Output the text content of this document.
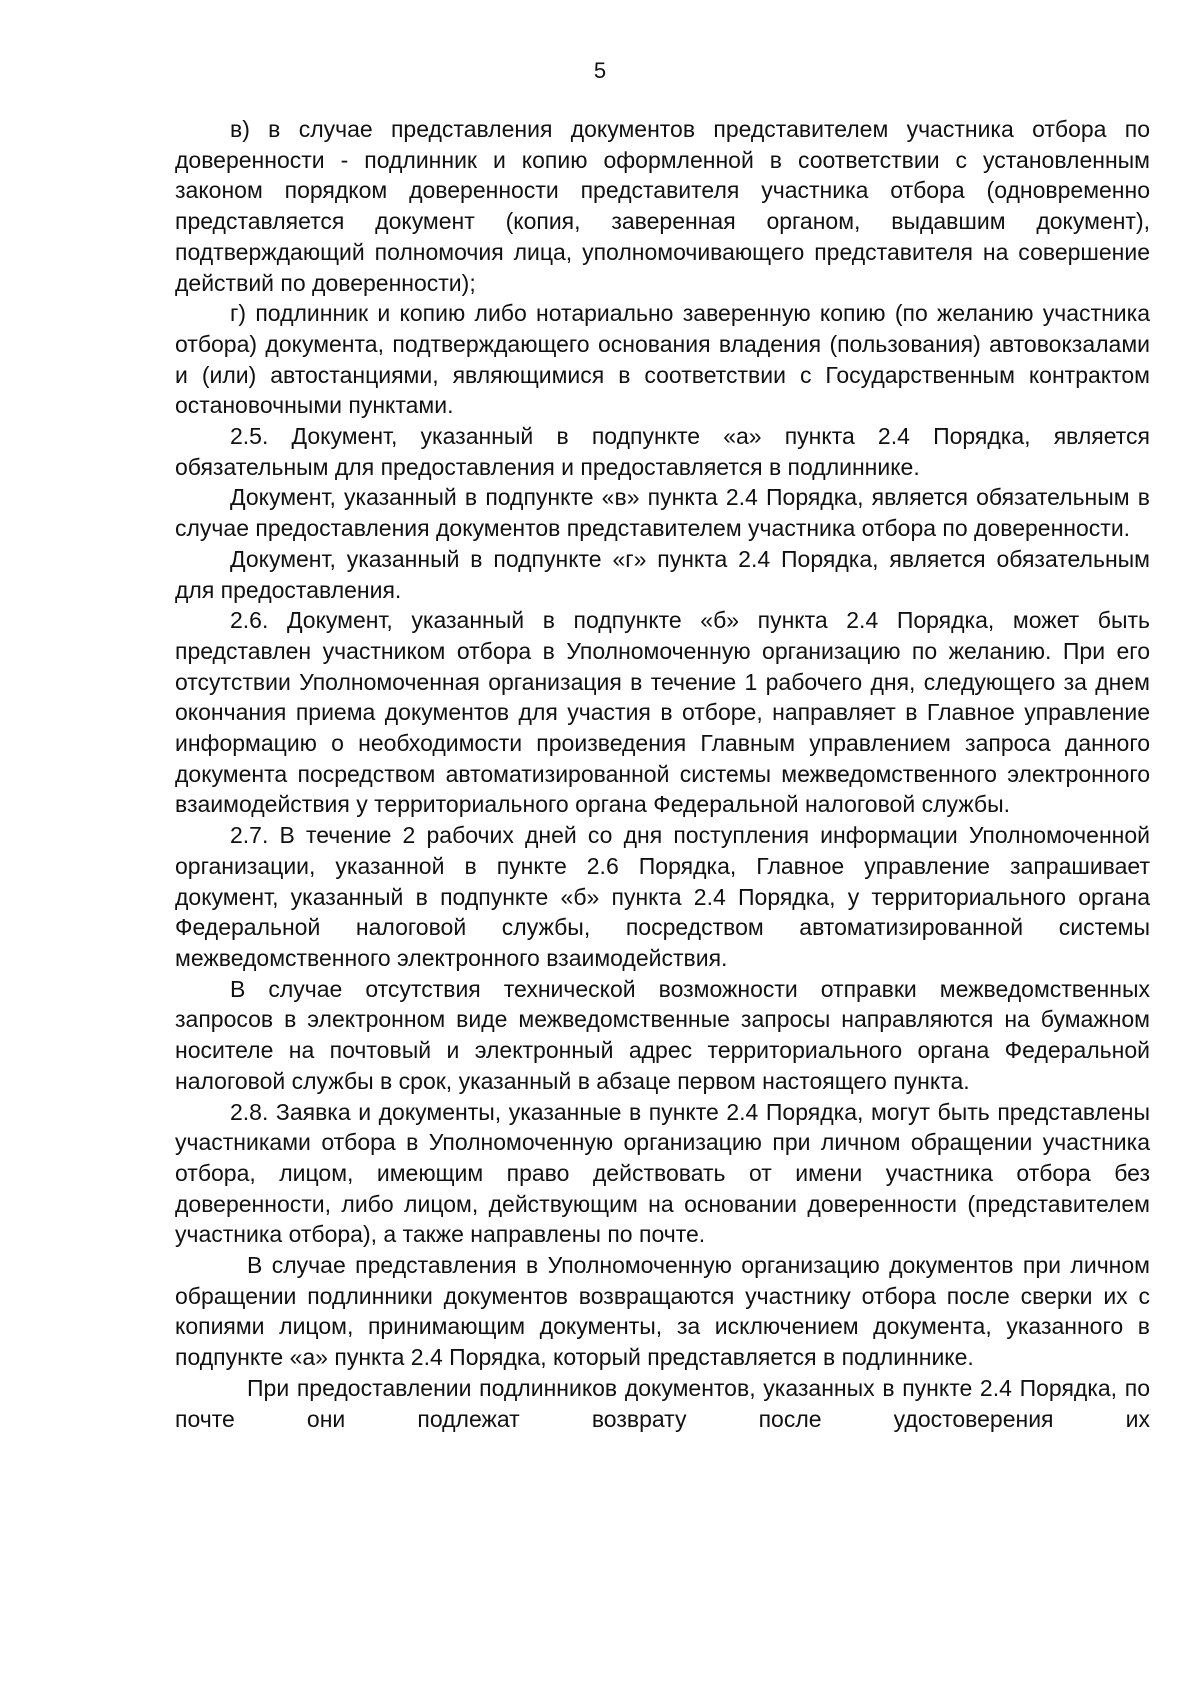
5

в) в случае представления документов представителем участника отбора по доверенности - подлинник и копию оформленной в соответствии с установленным законом порядком доверенности представителя участника отбора (одновременно представляется документ (копия, заверенная органом, выдавшим документ), подтверждающий полномочия лица, уполномочивающего представителя на совершение действий по доверенности);

г) подлинник и копию либо нотариально заверенную копию (по желанию участника отбора) документа, подтверждающего основания владения (пользования) автовокзалами и (или) автостанциями, являющимися в соответствии с Государственным контрактом остановочными пунктами.

2.5. Документ, указанный в подпункте «а» пункта 2.4 Порядка, является обязательным для предоставления и предоставляется в подлиннике.

Документ, указанный в подпункте «в» пункта 2.4 Порядка, является обязательным в случае предоставления документов представителем участника отбора по доверенности.

Документ, указанный в подпункте «г» пункта 2.4 Порядка, является обязательным для предоставления.

2.6. Документ, указанный в подпункте «б» пункта 2.4 Порядка, может быть представлен участником отбора в Уполномоченную организацию по желанию. При его отсутствии Уполномоченная организация в течение 1 рабочего дня, следующего за днем окончания приема документов для участия в отборе, направляет в Главное управление информацию о необходимости произведения Главным управлением запроса данного документа посредством автоматизированной системы межведомственного электронного взаимодействия у территориального органа Федеральной налоговой службы.

2.7. В течение 2 рабочих дней со дня поступления информации Уполномоченной организации, указанной в пункте 2.6 Порядка, Главное управление запрашивает документ, указанный в подпункте «б» пункта 2.4 Порядка, у территориального органа Федеральной налоговой службы, посредством автоматизированной системы межведомственного электронного взаимодействия.

В случае отсутствия технической возможности отправки межведомственных запросов в электронном виде межведомственные запросы направляются на бумажном носителе на почтовый и электронный адрес территориального органа Федеральной налоговой службы в срок, указанный в абзаце первом настоящего пункта.

2.8. Заявка и документы, указанные в пункте 2.4 Порядка, могут быть представлены участниками отбора в Уполномоченную организацию при личном обращении участника отбора, лицом, имеющим право действовать от имени участника отбора без доверенности, либо лицом, действующим на основании доверенности (представителем участника отбора), а также направлены по почте.

В случае представления в Уполномоченную организацию документов при личном обращении подлинники документов возвращаются участнику отбора после сверки их с копиями лицом, принимающим документы, за исключением документа, указанного в подпункте «а» пункта 2.4 Порядка, который представляется в подлиннике.

При предоставлении подлинников документов, указанных в пункте 2.4 Порядка, по почте они подлежат возврату после удостоверения их
